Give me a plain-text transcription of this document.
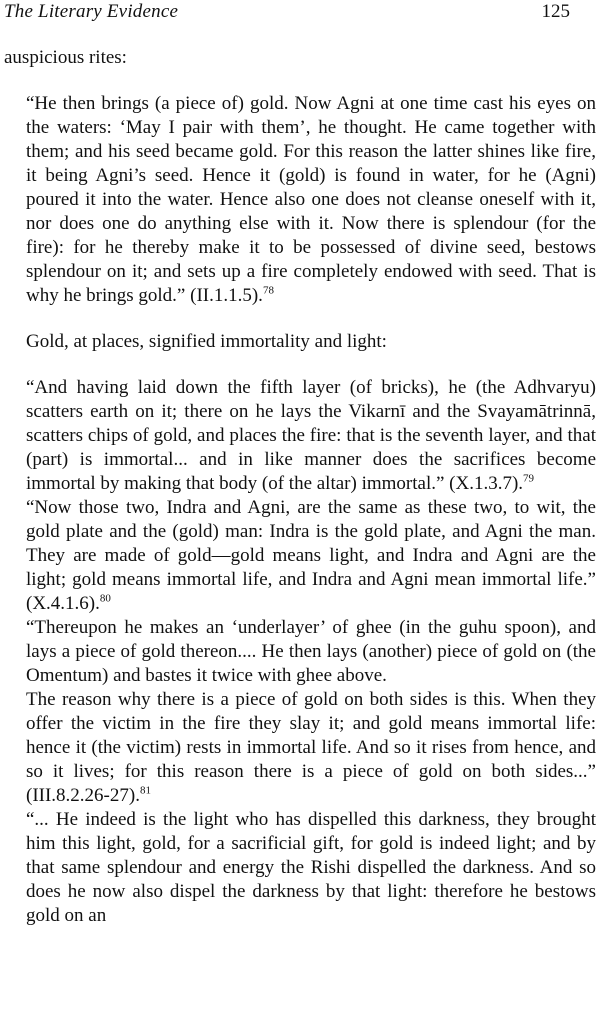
The Literary Evidence	125

auspicious rites:

“He then brings (a piece of) gold. Now Agni at one time cast his eyes on the waters: ‘May I pair with them’, he thought. He came together with them; and his seed became gold. For this reason the latter shines like fire, it being Agni’s seed. Hence it (gold) is found in water, for he (Agni) poured it into the water. Hence also one does not cleanse oneself with it, nor does one do anything else with it. Now there is splendour (for the fire): for he thereby make it to be possessed of divine seed, bestows splendour on it; and sets up a fire completely endowed with seed. That is why he brings gold.” (II.1.1.5).$^{78}$

Gold, at places, signified immortality and light:

“And having laid down the fifth layer (of bricks), he (the Adhvaryu) scatters earth on it; there on he lays the Vikarnī and the Svayamātrinnā, scatters chips of gold, and places the fire: that is the seventh layer, and that (part) is immortal... and in like manner does the sacrifices become immortal by making that body (of the altar) immortal.” (X.1.3.7).$^{79}$

“Now those two, Indra and Agni, are the same as these two, to wit, the gold plate and the (gold) man: Indra is the gold plate, and Agni the man. They are made of gold—gold means light, and Indra and Agni are the light; gold means immortal life, and Indra and Agni mean immortal life.” (X.4.1.6).$^{80}$

“Thereupon he makes an ‘underlayer’ of ghee (in the guhu spoon), and lays a piece of gold thereon.... He then lays (another) piece of gold on (the Omentum) and bastes it twice with ghee above.

The reason why there is a piece of gold on both sides is this. When they offer the victim in the fire they slay it; and gold means immortal life: hence it (the victim) rests in immortal life. And so it rises from hence, and so it lives; for this reason there is a piece of gold on both sides...” (III.8.2.26-27).$^{81}$

“... He indeed is the light who has dispelled this darkness, they brought him this light, gold, for a sacrificial gift, for gold is indeed light; and by that same splendour and energy the Rishi dispelled the darkness. And so does he now also dispel the darkness by that light: therefore he bestows gold on an
